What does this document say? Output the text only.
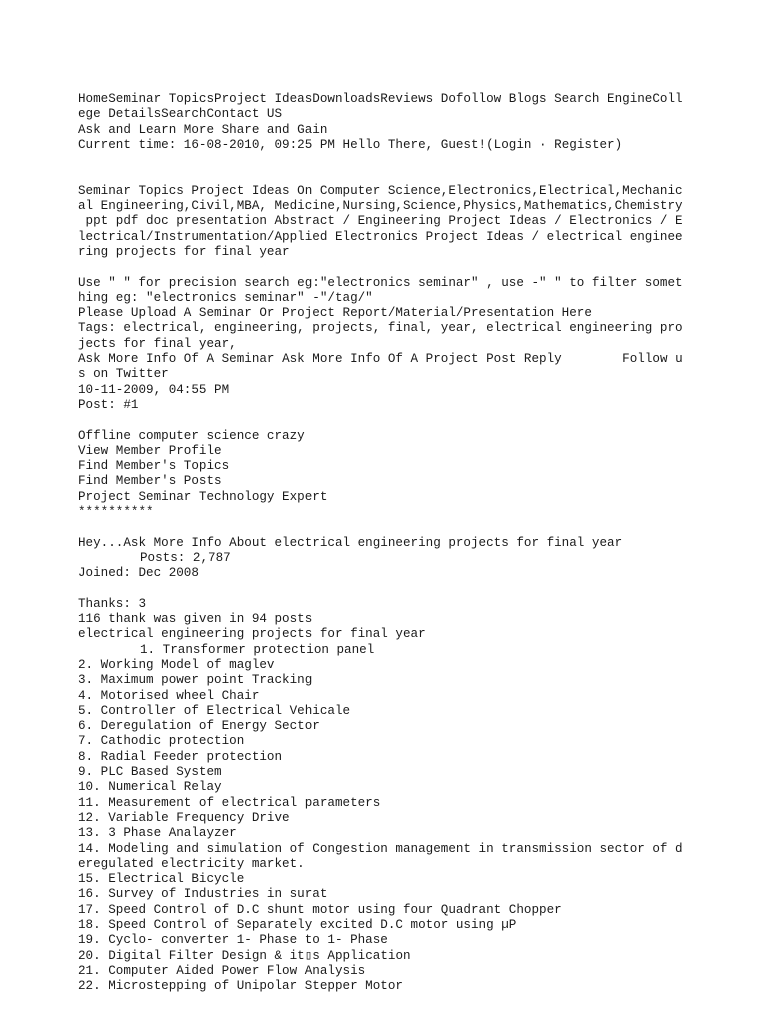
HomeSeminar TopicsProject IdeasDownloadsReviews Dofollow Blogs Search EngineColl
ege DetailsSearchContact US
Ask and Learn More Share and Gain
Current time: 16-08-2010, 09:25 PM Hello There, Guest!(Login · Register)
Seminar Topics Project Ideas On Computer Science,Electronics,Electrical,Mechanic
al Engineering,Civil,MBA, Medicine,Nursing,Science,Physics,Mathematics,Chemistry
ppt pdf doc presentation Abstract / Engineering Project Ideas / Electronics / E
lectrical/Instrumentation/Applied Electronics Project Ideas / electrical enginee
ring projects for final year
Use " " for precision search eg:"electronics seminar" , use -" " to filter somet
hing eg: "electronics seminar" -"/tag/"
Please Upload A Seminar Or Project Report/Material/Presentation Here
Tags: electrical, engineering, projects, final, year, electrical engineering pro
jects for final year,
Ask More Info Of A Seminar Ask More Info Of A Project Post Reply	Follow u
s on Twitter
10-11-2009, 04:55 PM
Post: #1
Offline computer science crazy
View Member Profile
Find Member's Topics
Find Member's Posts
Project Seminar Technology Expert
**********
Hey...Ask More Info About electrical engineering projects for final year
Posts: 2,787
Joined: Dec 2008
Thanks: 3
116 thank was given in 94 posts
electrical engineering projects for final year
1. Transformer protection panel
2. Working Model of maglev
3. Maximum power point Tracking
4. Motorised wheel Chair
5. Controller of Electrical Vehicale
6. Deregulation of Energy Sector
7. Cathodic protection
8. Radial Feeder protection
9. PLC Based System
10. Numerical Relay
11. Measurement of electrical parameters
12. Variable Frequency Drive
13. 3 Phase Analayzer
14. Modeling and simulation of Congestion management in transmission sector of d
eregulated electricity market.
15. Electrical Bicycle
16. Survey of Industries in surat
17. Speed Control of D.C shunt motor using four Quadrant Chopper
18. Speed Control of Separately excited D.C motor using µP
19. Cyclo- converter 1- Phase to 1- Phase
20. Digital Filter Design & it▯s Application
21. Computer Aided Power Flow Analysis
22. Microstepping of Unipolar Stepper Motor
